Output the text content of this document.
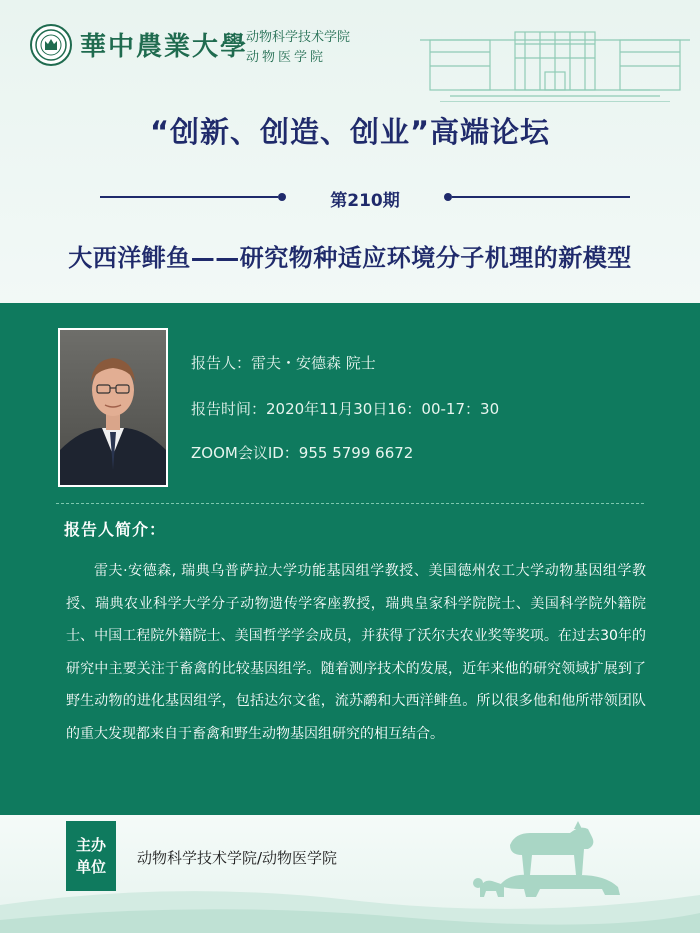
華中農業大學
动物科学技术学院
动物医学院
“创新、创造、创业”高端论坛
第210期
大西洋鲱鱼——研究物种适应环境分子机理的新模型
报告人：雷夫・安德森 院士
报告时间：2020年11月30日16：00-17：30
ZOOM会议ID：955 5799 6672
报告人简介：
雷夫·安德森, 瑞典乌普萨拉大学功能基因组学教授、美国德州农工大学动物基因组学教授、瑞典农业科学大学分子动物遗传学客座教授，瑞典皇家科学院院士、美国科学院外籍院士、中国工程院外籍院士、美国哲学学会成员，并获得了沃尔夫农业奖等奖项。在过去30年的研究中主要关注于畜禽的比较基因组学。随着测序技术的发展，近年来他的研究领域扩展到了野生动物的进化基因组学，包括达尔文雀，流苏鹬和大西洋鲱鱼。所以很多他和他所带领团队的重大发现都来自于畜禽和野生动物基因组研究的相互结合。
主办
单位 动物科学技术学院/动物医学院
